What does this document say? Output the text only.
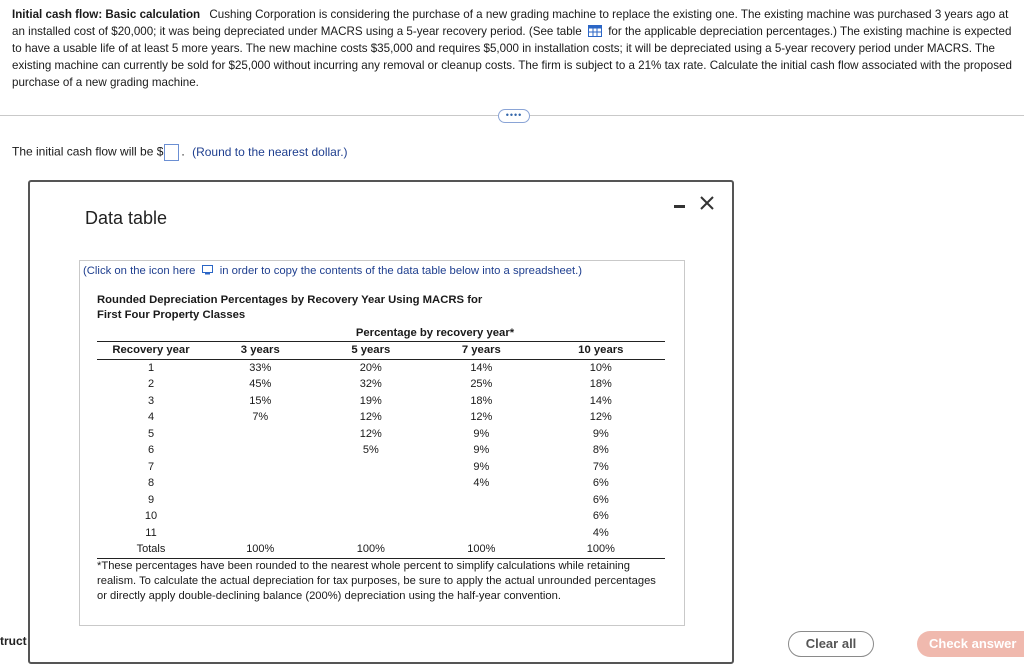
Initial cash flow: Basic calculation Cushing Corporation is considering the purchase of a new grading machine to replace the existing one. The existing machine was purchased 3 years ago at an installed cost of $20,000; it was being depreciated under MACRS using a 5-year recovery period. (See table for the applicable depreciation percentages.) The existing machine is expected to have a usable life of at least 5 more years. The new machine costs $35,000 and requires $5,000 in installation costs; it will be depreciated using a 5-year recovery period under MACRS. The existing machine can currently be sold for $25,000 without incurring any removal or cleanup costs. The firm is subject to a 21% tax rate. Calculate the initial cash flow associated with the proposed purchase of a new grading machine.
••••
The initial cash flow will be $ . (Round to the nearest dollar.)
Data table
(Click on the icon here in order to copy the contents of the data table below into a spreadsheet.)
Rounded Depreciation Percentages by Recovery Year Using MACRS for
First Four Property Classes
	Percentage by recovery year*			
Recovery year	3 years	5 years	7 years	10 years
1	33%	20%	14%	10%
2	45%	32%	25%	18%
3	15%	19%	18%	14%
4	7%	12%	12%	12%
5		12%	9%	9%
6		5%	9%	8%
7			9%	7%
8			4%	6%
9				6%
10				6%
11				4%
Totals	100%	100%	100%	100%
*These percentages have been rounded to the nearest whole percent to simplify calculations while retaining realism. To calculate the actual depreciation for tax purposes, be sure to apply the actual unrounded percentages or directly apply double-declining balance (200%) depreciation using the half-year convention.
truct	Clear all	Check answer
